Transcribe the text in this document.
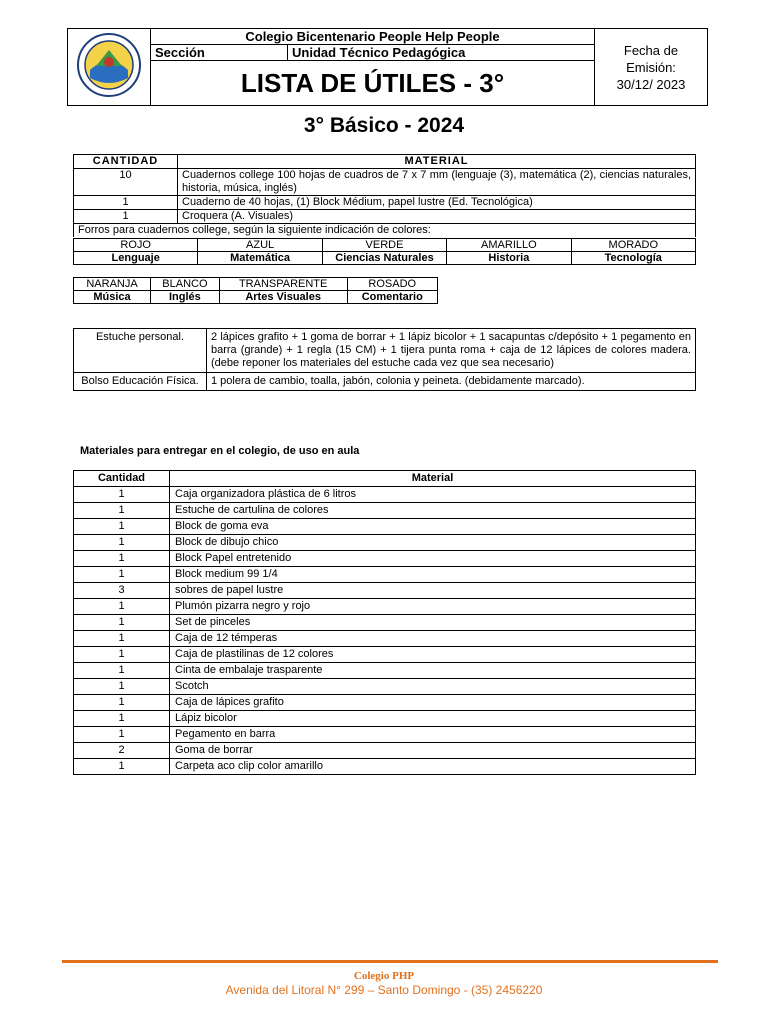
	Colegio Bicentenario People Help People		Fecha de Emisión:
30/12/ 2023

	Sección	Unidad Técnico Pedagógica	
	LISTA DE ÚTILES - 3°		
3° Básico - 2024
CANTIDAD	MATERIAL
10	Cuadernos college 100 hojas de cuadros de 7 x 7 mm (lenguaje (3), matemática (2), ciencias naturales, historia, música, inglés)
1	Cuaderno de 40 hojas, (1) Block Médium, papel lustre (Ed. Tecnológica)
1	Croquera (A. Visuales)
Forros para cuadernos college, según la siguiente indicación de colores:	
ROJO	AZUL	VERDE	AMARILLO	MORADO
Lenguaje	Matemática	Ciencias Naturales	Historia	Tecnología
NARANJA	BLANCO	TRANSPARENTE	ROSADO
Música	Inglés	Artes Visuales	Comentario
Estuche personal.	2 lápices grafito + 1 goma de borrar + 1 lápiz bicolor + 1 sacapuntas c/depósito + 1 pegamento en barra (grande) + 1 regla (15 CM) + 1 tijera punta roma + caja de 12 lápices de colores madera. (debe reponer los materiales del estuche cada vez que sea necesario)
Bolso Educación Física.	1 polera de cambio, toalla, jabón, colonia y peineta. (debidamente marcado).
Materiales para entregar en el colegio, de uso en aula
Cantidad	Material
1	Caja organizadora plástica de 6 litros
1	Estuche de cartulina de colores
1	Block de goma eva
1	Block de dibujo chico
1	Block Papel entretenido
1	Block medium 99 1/4
3	sobres de papel lustre
1	Plumón pizarra negro y rojo
1	Set de pinceles
1	Caja de 12 témperas
1	Caja de plastilinas de 12 colores
1	Cinta de embalaje trasparente
1	Scotch
1	Caja de lápices grafito
1	Lápiz bicolor
1	Pegamento en barra
2	Goma de borrar
1	Carpeta aco clip color amarillo
Colegio PHP
Avenida del Litoral N° 299 – Santo Domingo - (35) 2456220
